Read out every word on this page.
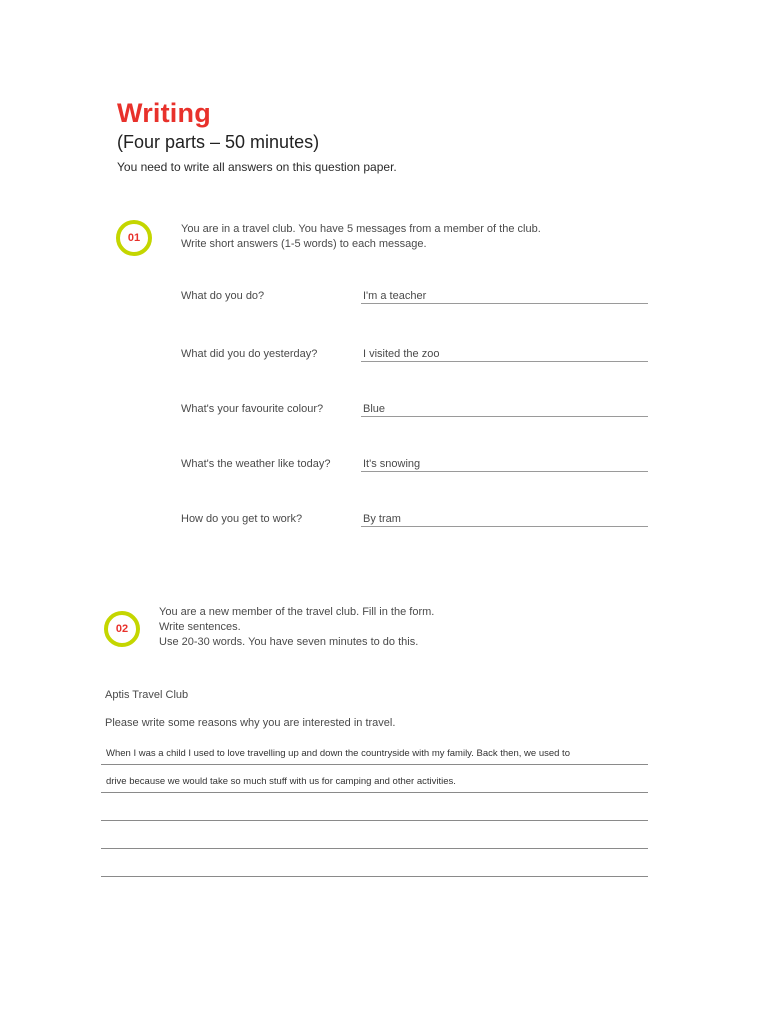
Writing
(Four parts – 50 minutes)
You need to write all answers on this question paper.
01
You are in a travel club. You have 5 messages from a member of the club.
Write short answers (1-5 words) to each message.
What do you do?	I'm a teacher
What did you do yesterday?	I visited the zoo
What's your favourite colour?	Blue
What's the weather like today?	It's snowing
How do you get to work?	By tram
02
You are a new member of the travel club. Fill in the form.
Write sentences.
Use 20-30 words. You have seven minutes to do this.
Aptis Travel Club
Please write some reasons why you are interested in travel.
When I was a child I used to love travelling up and down the countryside with my family. Back then, we used to
drive because we would take so much stuff with us for camping and other activities.
